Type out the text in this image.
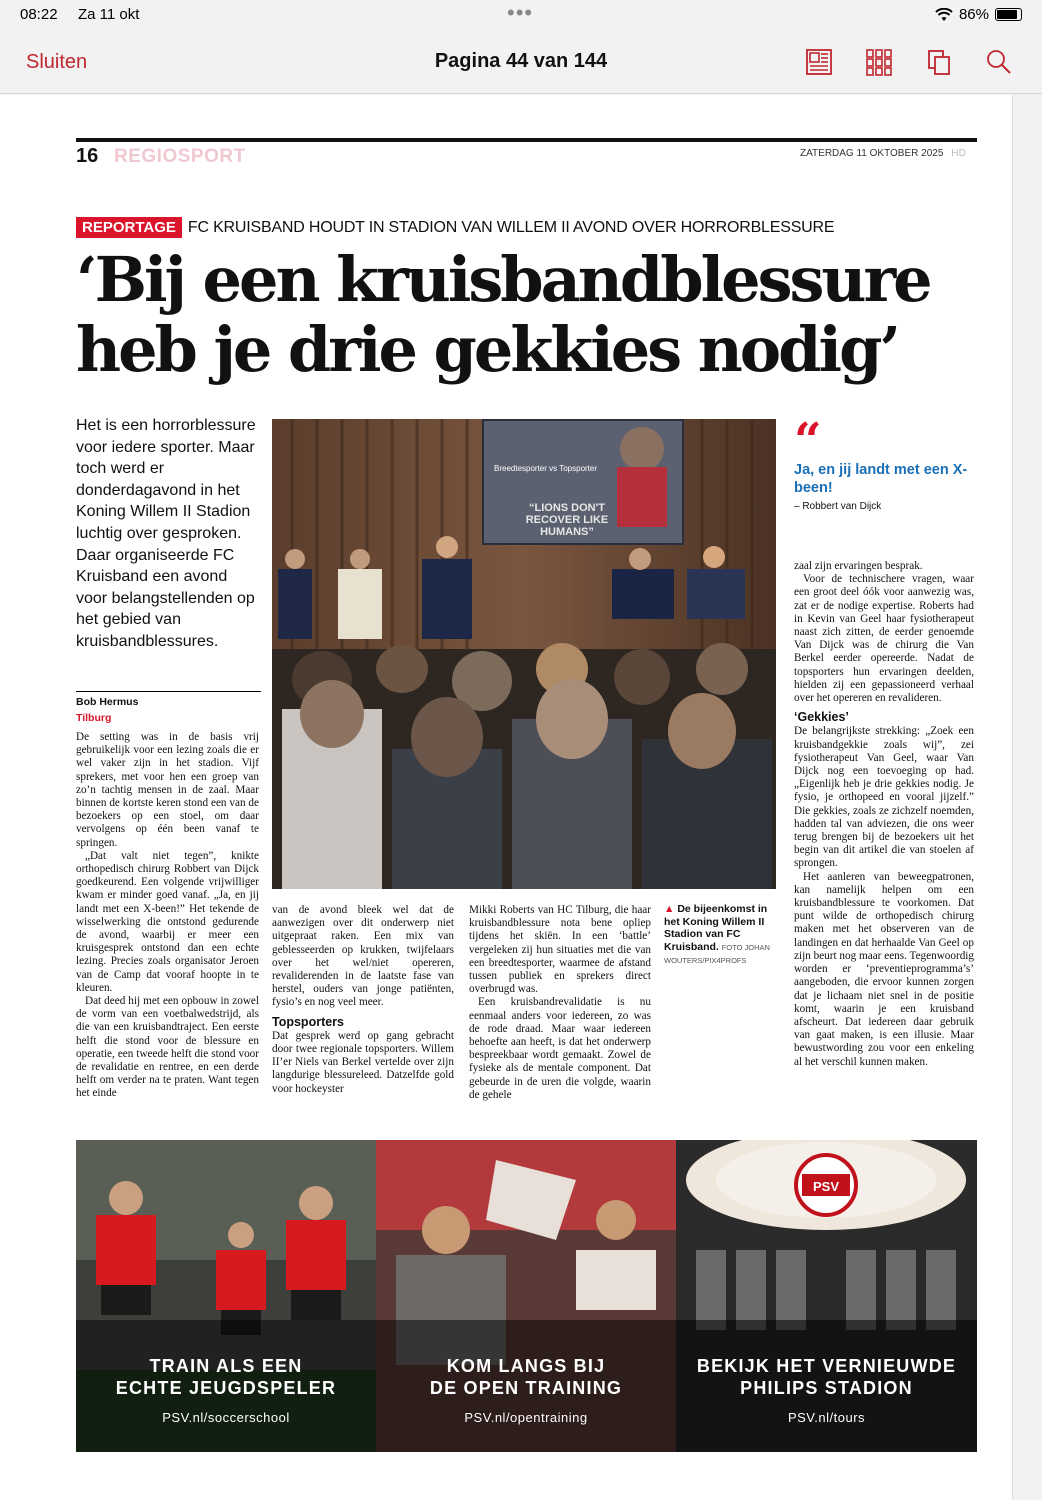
08:22 Za 11 okt	•••	86%
Sluiten	Pagina 44 van 144
16 REGIOSPORT	ZATERDAG 11 OKTOBER 2025 HD
REPORTAGE FC KRUISBAND HOUDT IN STADION VAN WILLEM II AVOND OVER HORRORBLESSURE
‘Bij een kruisbandblessure
heb je drie gekkies nodig’
Het is een horrorblessure voor iedere sporter. Maar toch werd er donderdagavond in het Koning Willem II Stadion luchtig over gesproken. Daar organiseerde FC Kruisband een avond voor belangstellenden op het gebied van kruisbandblessures.
Bob Hermus
Tilburg

De setting was in de basis vrij gebruikelijk voor een lezing zoals die er wel vaker zijn in het stadion. Vijf sprekers, met voor hen een groep van zo’n tachtig mensen in de zaal. Maar binnen de kortste keren stond een van de bezoekers op een stoel, om daar vervolgens op één been vanaf te springen.

„Dat valt niet tegen”, knikte orthopedisch chirurg Robbert van Dijck goedkeurend. Een volgende vrijwilliger kwam er minder goed vanaf. „Ja, en jij landt met een X-been!” Het tekende de wisselwerking die ontstond gedurende de avond, waarbij er meer een kruisgesprek ontstond dan een echte lezing. Precies zoals organisator Jeroen van de Camp dat vooraf hoopte in te kleuren.

Dat deed hij met een opbouw in zowel de vorm van een voetbalwedstrijd, als die van een kruisbandtraject. Een eerste helft die stond voor de blessure en operatie, een tweede helft die stond voor de revalidatie en rentree, en een derde helft om verder na te praten. Want tegen het einde

van de avond bleek wel dat de aanwezigen over dit onderwerp niet uitgepraat raken. Een mix van geblesseerden op krukken, twijfelaars over het wel/niet opereren, revaliderenden in de laatste fase van herstel, ouders van jonge patiënten, fysio’s en nog veel meer.

Topsporters

Dat gesprek werd op gang gebracht door twee regionale topsporters. Willem II’er Niels van Berkel vertelde over zijn langdurige blessureleed. Datzelfde gold voor hockeyster

Mikki Roberts van HC Tilburg, die haar kruisbandblessure nota bene opliep tijdens het skiën. In een ‘battle’ vergeleken zij hun situaties met die van een breedtesporter, waarmee de afstand tussen publiek en sprekers direct overbrugd was.

Een kruisbandrevalidatie is nu eenmaal anders voor iedereen, zo was de rode draad. Maar waar iedereen behoefte aan heeft, is dat het onderwerp bespreekbaar wordt gemaakt. Zowel de fysieke als de mentale component. Dat gebeurde in de uren die volgde, waarin de gehele

▲ De bijeenkomst in het Koning Willem II Stadion van FC Kruisband. FOTO JOHAN WOUTERS/PIX4PROFS
Breedtesporter vs Topsporter
“LIONS DON'T
RECOVER LIKE
HUMANS”
“
Ja, en jij landt met een X-been!
– Robbert van Dijck

zaal zijn ervaringen besprak.

Voor de technischere vragen, waar een groot deel óók voor aanwezig was, zat er de nodige expertise. Roberts had in Kevin van Geel haar fysiotherapeut naast zich zitten, de eerder genoemde Van Dijck was de chirurg die Van Berkel eerder opereerde. Nadat de topsporters hun ervaringen deelden, hielden zij een gepassioneerd verhaal over het opereren en revalideren.

‘Gekkies’

De belangrijkste strekking: „Zoek een kruisbandgekkie zoals wij”, zei fysiotherapeut Van Geel, waar Van Dijck nog een toevoeging op had. „Eigenlijk heb je drie gekkies nodig. Je fysio, je orthopeed en vooral jijzelf.” Die gekkies, zoals ze zichzelf noemden, hadden tal van adviezen, die ons weer terug brengen bij de bezoekers uit het begin van dit artikel die van stoelen af sprongen.

Het aanleren van beweegpatronen, kan namelijk helpen om een kruisbandblessure te voorkomen. Dat punt wilde de orthopedisch chirurg maken met het observeren van de landingen en dat herhaalde Van Geel op zijn beurt nog maar eens. Tegenwoordig worden er ‘preventieprogramma’s’ aangeboden, die ervoor kunnen zorgen dat je lichaam niet snel in de positie komt, waarin je een kruisband afscheurt. Dat iedereen daar gebruik van gaat maken, is een illusie. Maar bewustwording zou voor een enkeling al het verschil kunnen maken.

TRAIN ALS EEN
ECHTE JEUGDSPELER
PSV.nl/soccerschool
KOM LANGS BIJ
DE OPEN TRAINING
PSV.nl/opentraining
PSV
BEKIJK HET VERNIEUWDE
PHILIPS STADION
PSV.nl/tours
